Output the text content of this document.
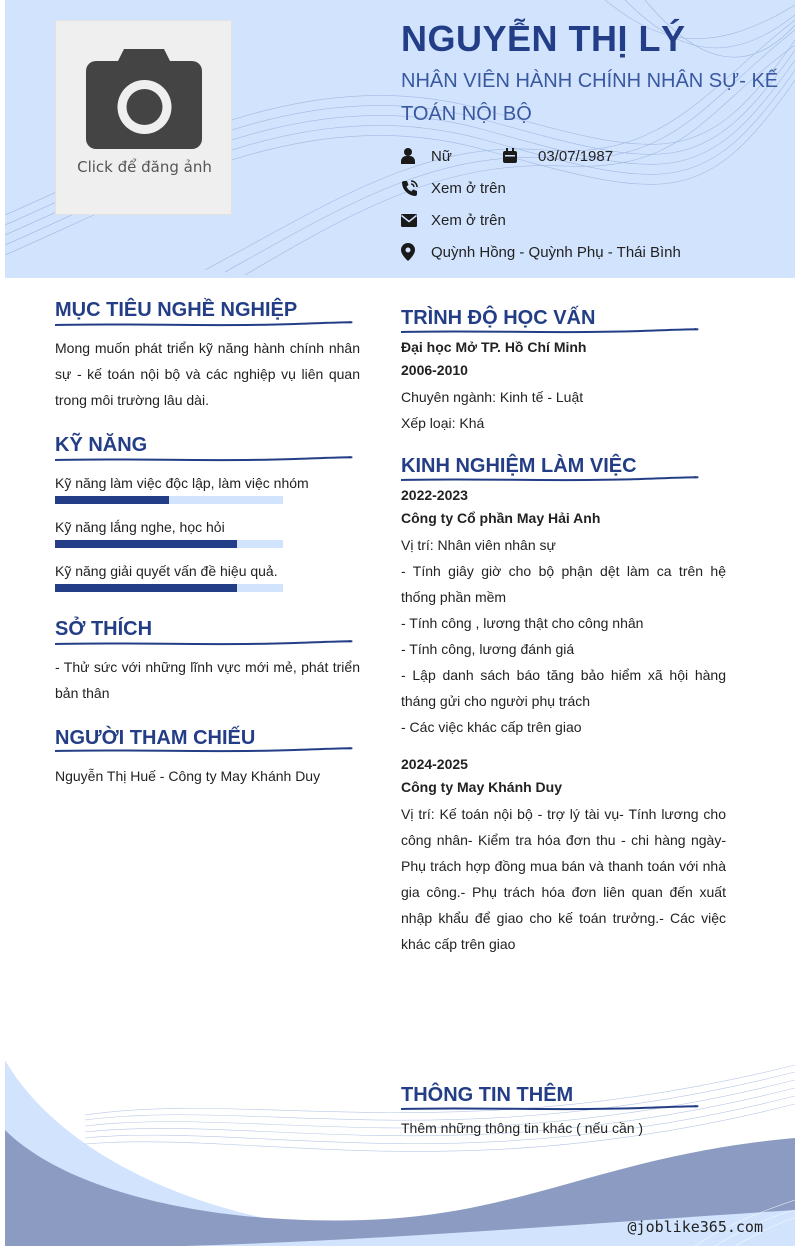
Click để đăng ảnh
NGUYỄN THỊ LÝ
NHÂN VIÊN HÀNH CHÍNH NHÂN SỰ- KẾ TOÁN NỘI BỘ
Nữ	03/07/1987
Xem ở trên
Xem ở trên
Quỳnh Hồng - Quỳnh Phụ - Thái Bình
MỤC TIÊU NGHỀ NGHIỆP
Mong muốn phát triển kỹ năng hành chính nhân sự - kế toán nội bộ và các nghiệp vụ liên quan trong môi trường lâu dài.
KỸ NĂNG
Kỹ năng làm việc độc lập, làm việc nhóm
Kỹ năng lắng nghe, học hỏi
Kỹ năng giải quyết vấn đề hiệu quả.
SỞ THÍCH
- Thử sức với những lĩnh vực mới mẻ, phát triển bản thân
NGƯỜI THAM CHIẾU
Nguyễn Thị Huế - Công ty May Khánh Duy
TRÌNH ĐỘ HỌC VẤN
Đại học Mở TP. Hồ Chí Minh
2006-2010
Chuyên ngành: Kinh tế - Luật
Xếp loại: Khá
KINH NGHIỆM LÀM VIỆC
2022-2023
Công ty Cổ phần May Hải Anh
Vị trí: Nhân viên nhân sự
- Tính giây giờ cho bộ phận dệt làm ca trên hệ thống phần mềm
- Tính công , lương thật cho công nhân
- Tính công, lương đánh giá
- Lập danh sách báo tăng bảo hiểm xã hội hàng tháng gửi cho người phụ trách
- Các việc khác cấp trên giao
2024-2025
Công ty May Khánh Duy
Vị trí: Kế toán nội bộ - trợ lý tài vụ- Tính lương cho công nhân- Kiểm tra hóa đơn thu - chi hàng ngày- Phụ trách hợp đồng mua bán và thanh toán với nhà gia công.- Phụ trách hóa đơn liên quan đến xuất nhập khẩu để giao cho kế toán trưởng.- Các việc khác cấp trên giao
THÔNG TIN THÊM
Thêm những thông tin khác ( nếu cần )
@joblike365.com
